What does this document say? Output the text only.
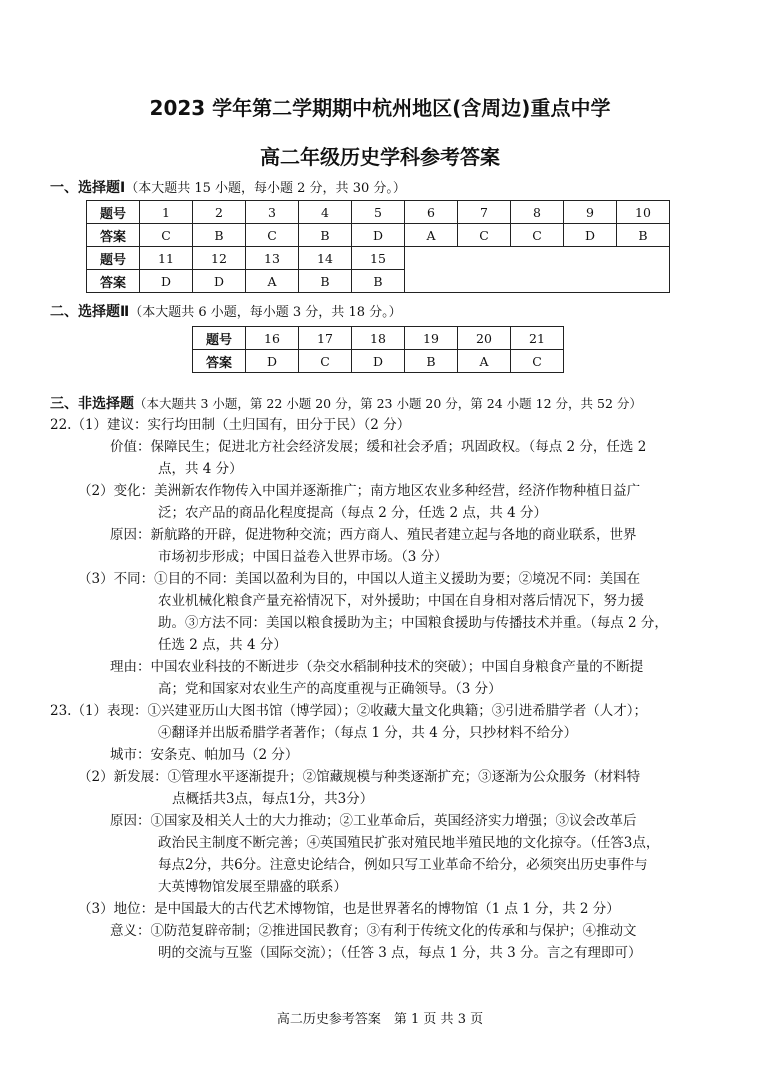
2023 学年第二学期期中杭州地区(含周边)重点中学
高二年级历史学科参考答案
一、选择题Ⅰ（本大题共 15 小题，每小题 2 分，共 30 分。）
题号	1	2	3	4	5	6	7	8	9	10
答案	C	B	C	B	D	A	C	C	D	B
题号	11	12	13	14	15					
答案	D	D	A	B	B					
二、选择题Ⅱ（本大题共 6 小题，每小题 3 分，共 18 分。）
题号	16	17	18	19	20	21
答案	D	C	D	B	A	C
三、非选择题（本大题共 3 小题，第 22 小题 20 分，第 23 小题 20 分，第 24 小题 12 分，共 52 分）
22.（1）建议：实行均田制（土归国有，田分于民）（2 分）
价值：保障民生；促进北方社会经济发展；缓和社会矛盾；巩固政权。（每点 2 分，任选 2
点，共 4 分）
（2）变化：美洲新农作物传入中国并逐渐推广；南方地区农业多种经营，经济作物种植日益广
泛；农产品的商品化程度提高（每点 2 分，任选 2 点，共 4 分）
原因：新航路的开辟，促进物种交流；西方商人、殖民者建立起与各地的商业联系，世界
市场初步形成；中国日益卷入世界市场。（3 分）
（3）不同：①目的不同：美国以盈利为目的，中国以人道主义援助为要；②境况不同：美国在
农业机械化粮食产量充裕情况下，对外援助；中国在自身相对落后情况下，努力援
助。③方法不同：美国以粮食援助为主；中国粮食援助与传播技术并重。（每点 2 分，
任选 2 点，共 4 分）
理由：中国农业科技的不断进步（杂交水稻制种技术的突破）；中国自身粮食产量的不断提
高；党和国家对农业生产的高度重视与正确领导。（3 分）
23.（1）表现：①兴建亚历山大图书馆（博学园）；②收藏大量文化典籍；③引进希腊学者（人才）；
④翻译并出版希腊学者著作；（每点 1 分，共 4 分，只抄材料不给分）
城市：安条克、帕加马（2 分）
（2）新发展：①管理水平逐渐提升；②馆藏规模与种类逐渐扩充；③逐渐为公众服务（材料特
点概括共3点，每点1分，共3分）
原因：①国家及相关人士的大力推动；②工业革命后，英国经济实力增强；③议会改革后
政治民主制度不断完善；④英国殖民扩张对殖民地半殖民地的文化掠夺。（任答3点，
每点2分，共6分。注意史论结合，例如只写工业革命不给分，必须突出历史事件与
大英博物馆发展至鼎盛的联系）
（3）地位：是中国最大的古代艺术博物馆，也是世界著名的博物馆（1 点 1 分，共 2 分）
意义：①防范复辟帝制；②推进国民教育；③有利于传统文化的传承和与保护；④推动文
明的交流与互鉴（国际交流）；（任答 3 点，每点 1 分，共 3 分。言之有理即可）
高二历史参考答案　第 1 页 共 3 页
